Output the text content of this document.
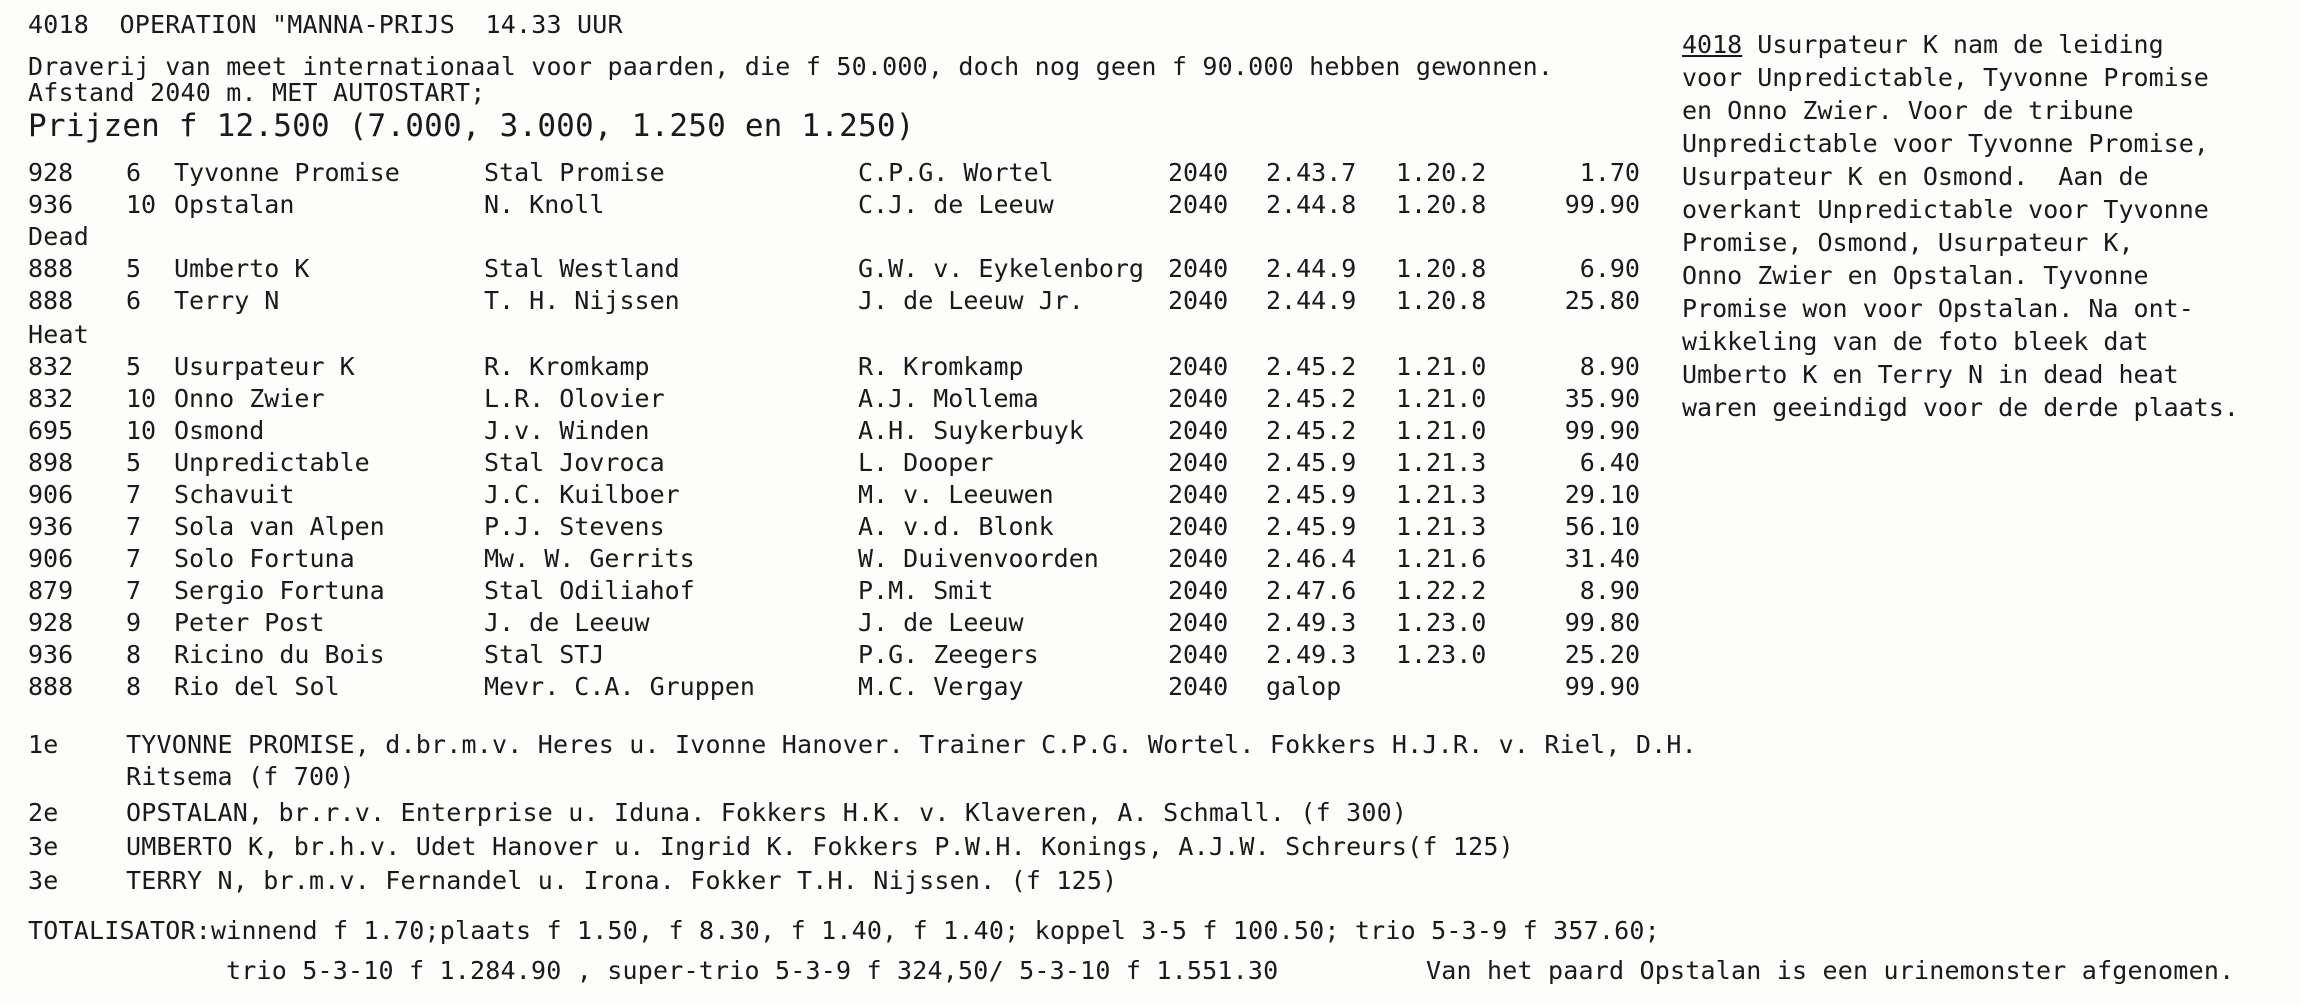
4018  OPERATION "MANNA-PRIJS  14.33 UUR
Draverij van meet internationaal voor paarden, die f 50.000, doch nog geen f 90.000 hebben gewonnen.
Afstand 2040 m. MET AUTOSTART;
Prijzen f 12.500 (7.000, 3.000, 1.250 en 1.250)
928 6 Tyvonne Promise	Stal Promise	C.P.G. Wortel	2040 2.43.7 1.20.2	1.70
936 10 Opstalan	N. Knoll	C.J. de Leeuw	2040 2.44.8 1.20.8	99.90
888 5 Umberto K	Stal Westland	G.W. v. Eykelenborg 2040 2.44.9 1.20.8	6.90
888 6 Terry N	T. H. Nijssen	J. de Leeuw Jr.	2040 2.44.9 1.20.8	25.80
832 5 Usurpateur K	R. Kromkamp	R. Kromkamp	2040 2.45.2 1.21.0	8.90
832 10 Onno Zwier	L.R. Olovier	A.J. Mollema	2040 2.45.2 1.21.0	35.90
695 10 Osmond	J.v. Winden	A.H. Suykerbuyk	2040 2.45.2 1.21.0	99.90
898 5 Unpredictable	Stal Jovroca	L. Dooper	2040 2.45.9 1.21.3	6.40
906 7 Schavuit	J.C. Kuilboer	M. v. Leeuwen	2040 2.45.9 1.21.3	29.10
936 7 Sola van Alpen	P.J. Stevens	A. v.d. Blonk	2040 2.45.9 1.21.3	56.10
906 7 Solo Fortuna	Mw. W. Gerrits	W. Duivenvoorden	2040 2.46.4 1.21.6	31.40
879 7 Sergio Fortuna	Stal Odiliahof	P.M. Smit	2040 2.47.6 1.22.2	8.90
928 9 Peter Post	J. de Leeuw	J. de Leeuw	2040 2.49.3 1.23.0	99.80
936 8 Ricino du Bois	Stal STJ	P.G. Zeegers	2040 2.49.3 1.23.0	25.20
888 8 Rio del Sol	Mevr. C.A. Gruppen	M.C. Vergay	2040 galop	99.90
Dead
Heat
4018 Usurpateur K nam de leiding
voor Unpredictable, Tyvonne Promise
en Onno Zwier. Voor de tribune
Unpredictable voor Tyvonne Promise,
Usurpateur K en Osmond.  Aan de
overkant Unpredictable voor Tyvonne
Promise, Osmond, Usurpateur K,
Onno Zwier en Opstalan. Tyvonne
Promise won voor Opstalan. Na ont-
wikkeling van de foto bleek dat
Umberto K en Terry N in dead heat
waren geeindigd voor de derde plaats.
1e	TYVONNE PROMISE, d.br.m.v. Heres u. Ivonne Hanover. Trainer C.P.G. Wortel. Fokkers H.J.R. v. Riel, D.H.
Ritsema (f 700)
2e	OPSTALAN, br.r.v. Enterprise u. Iduna. Fokkers H.K. v. Klaveren, A. Schmall. (f 300)
3e	UMBERTO K, br.h.v. Udet Hanover u. Ingrid K. Fokkers P.W.H. Konings, A.J.W. Schreurs(f 125)
3e	TERRY N, br.m.v. Fernandel u. Irona. Fokker T.H. Nijssen. (f 125)
TOTALISATOR:winnend f 1.70;plaats f 1.50, f 8.30, f 1.40, f 1.40; koppel 3-5 f 100.50; trio 5-3-9 f 357.60;
trio 5-3-10 f 1.284.90 , super-trio 5-3-9 f 324,50/ 5-3-10 f 1.551.30	Van het paard Opstalan is een urinemonster afgenomen.
